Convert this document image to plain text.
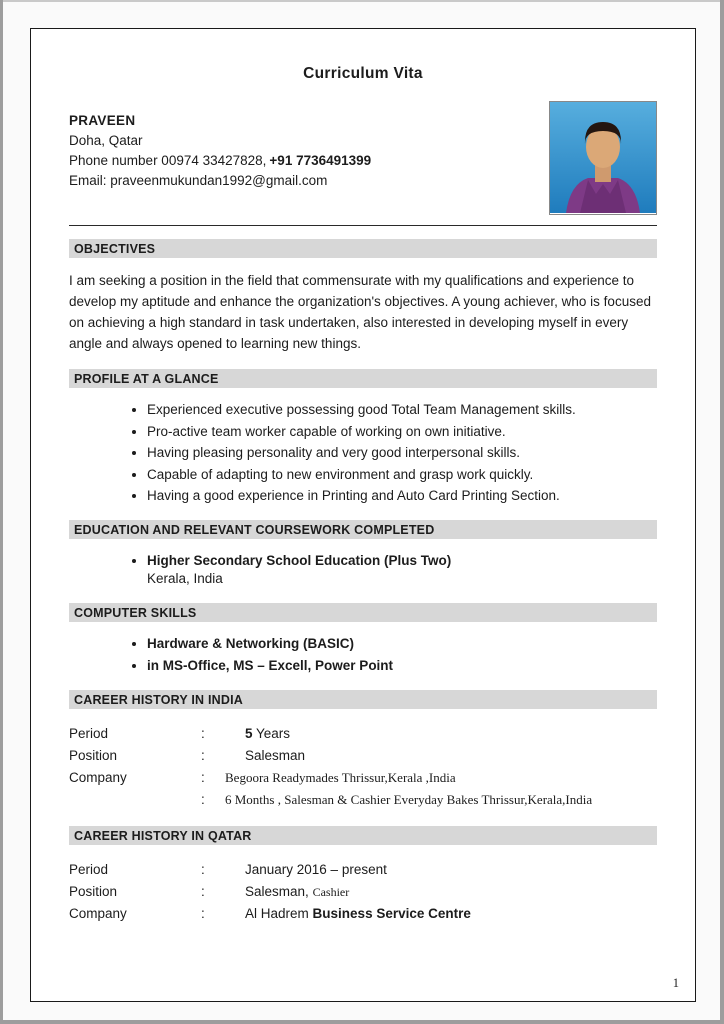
Curriculum Vita
PRAVEEN
Doha, Qatar
Phone number 00974 33427828, +91 7736491399
Email: praveenmukundan1992@gmail.com
OBJECTIVES

I am seeking a position in the field that commensurate with my qualifications and experience to develop my aptitude and enhance the organization's objectives. A young achiever, who is focused on achieving a high standard in task undertaken, also interested in developing myself in every angle and always opened to learning new things.

PROFILE AT A GLANCE
• Experienced executive possessing good Total Team Management skills.
• Pro-active team worker capable of working on own initiative.
• Having pleasing personality and very good interpersonal skills.
• Capable of adapting to new environment and grasp work quickly.
• Having a good experience in Printing and Auto Card Printing Section.
EDUCATION AND RELEVANT COURSEWORK COMPLETED
• Higher Secondary School Education (Plus Two)
Kerala, India
COMPUTER SKILLS
• Hardware & Networking (BASIC)
• in MS-Office, MS – Excell, Power Point
CAREER HISTORY IN INDIA
Period	:	5 Years
Position	:	Salesman
Company	:	Begoora Readymades Thrissur,Kerala ,India
:	6 Months , Salesman & Cashier Everyday Bakes Thrissur,Kerala,India
CAREER HISTORY IN QATAR
Period	:	January 2016 – present
Position	:	Salesman, Cashier
Company	:	Al Hadrem Business Service Centre
1
